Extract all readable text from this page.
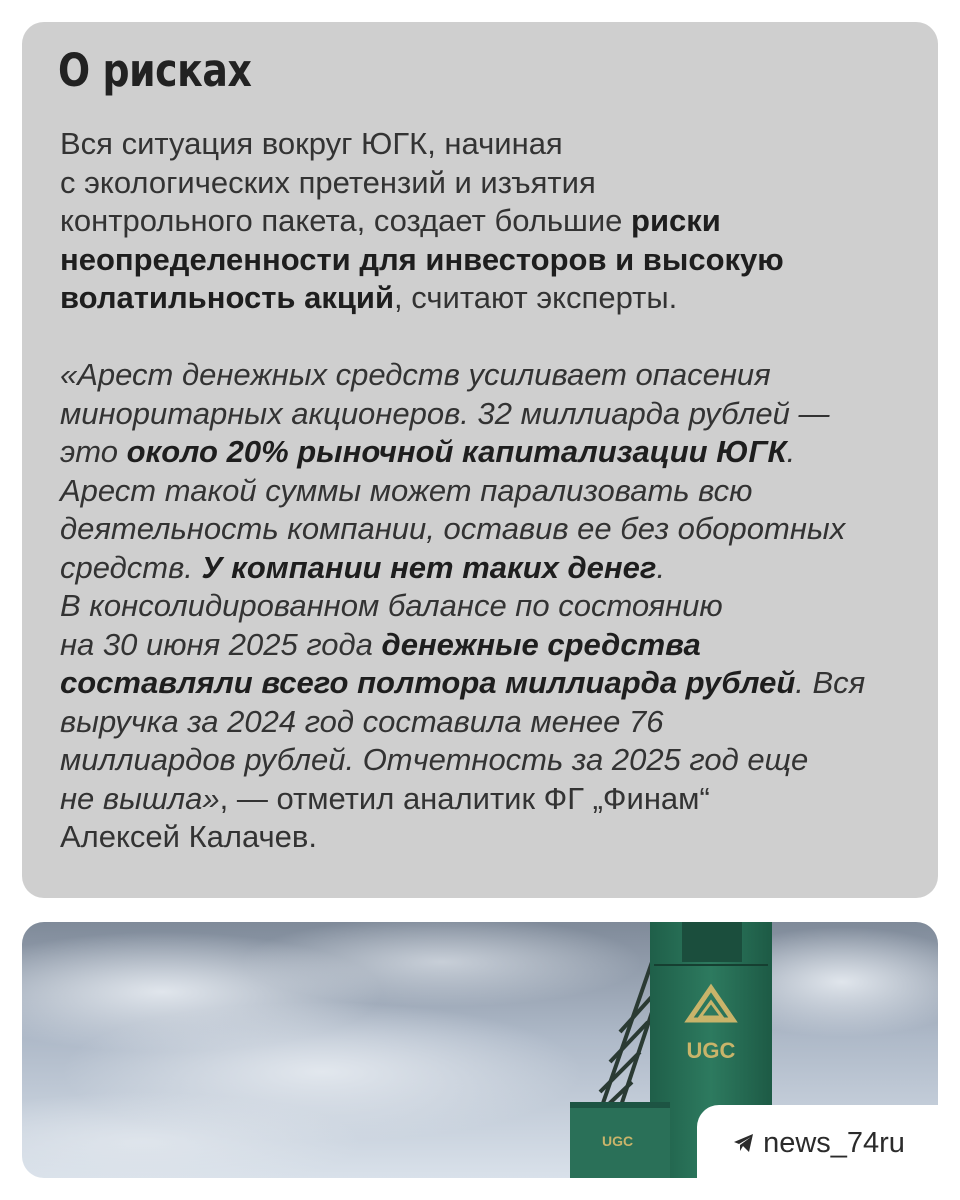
О рисках
Вся ситуация вокруг ЮГК, начиная
с экологических претензий и изъятия
контрольного пакета, создает большие риски
неопределенности для инвесторов и высокую
волатильность акций, считают эксперты.
«Арест денежных средств усиливает опасения
миноритарных акционеров. 32 миллиарда рублей —
это около 20% рыночной капитализации ЮГК.
Арест такой суммы может парализовать всю
деятельность компании, оставив ее без оборотных
средств. У компании нет таких денег.
В консолидированном балансе по состоянию
на 30 июня 2025 года денежные средства
составляли всего полтора миллиарда рублей. Вся
выручка за 2024 год составила менее 76
миллиардов рублей. Отчетность за 2025 год еще
не вышла», — отметил аналитик ФГ „Финам“
Алексей Калачев.
UGC
UGC	news_74ru
